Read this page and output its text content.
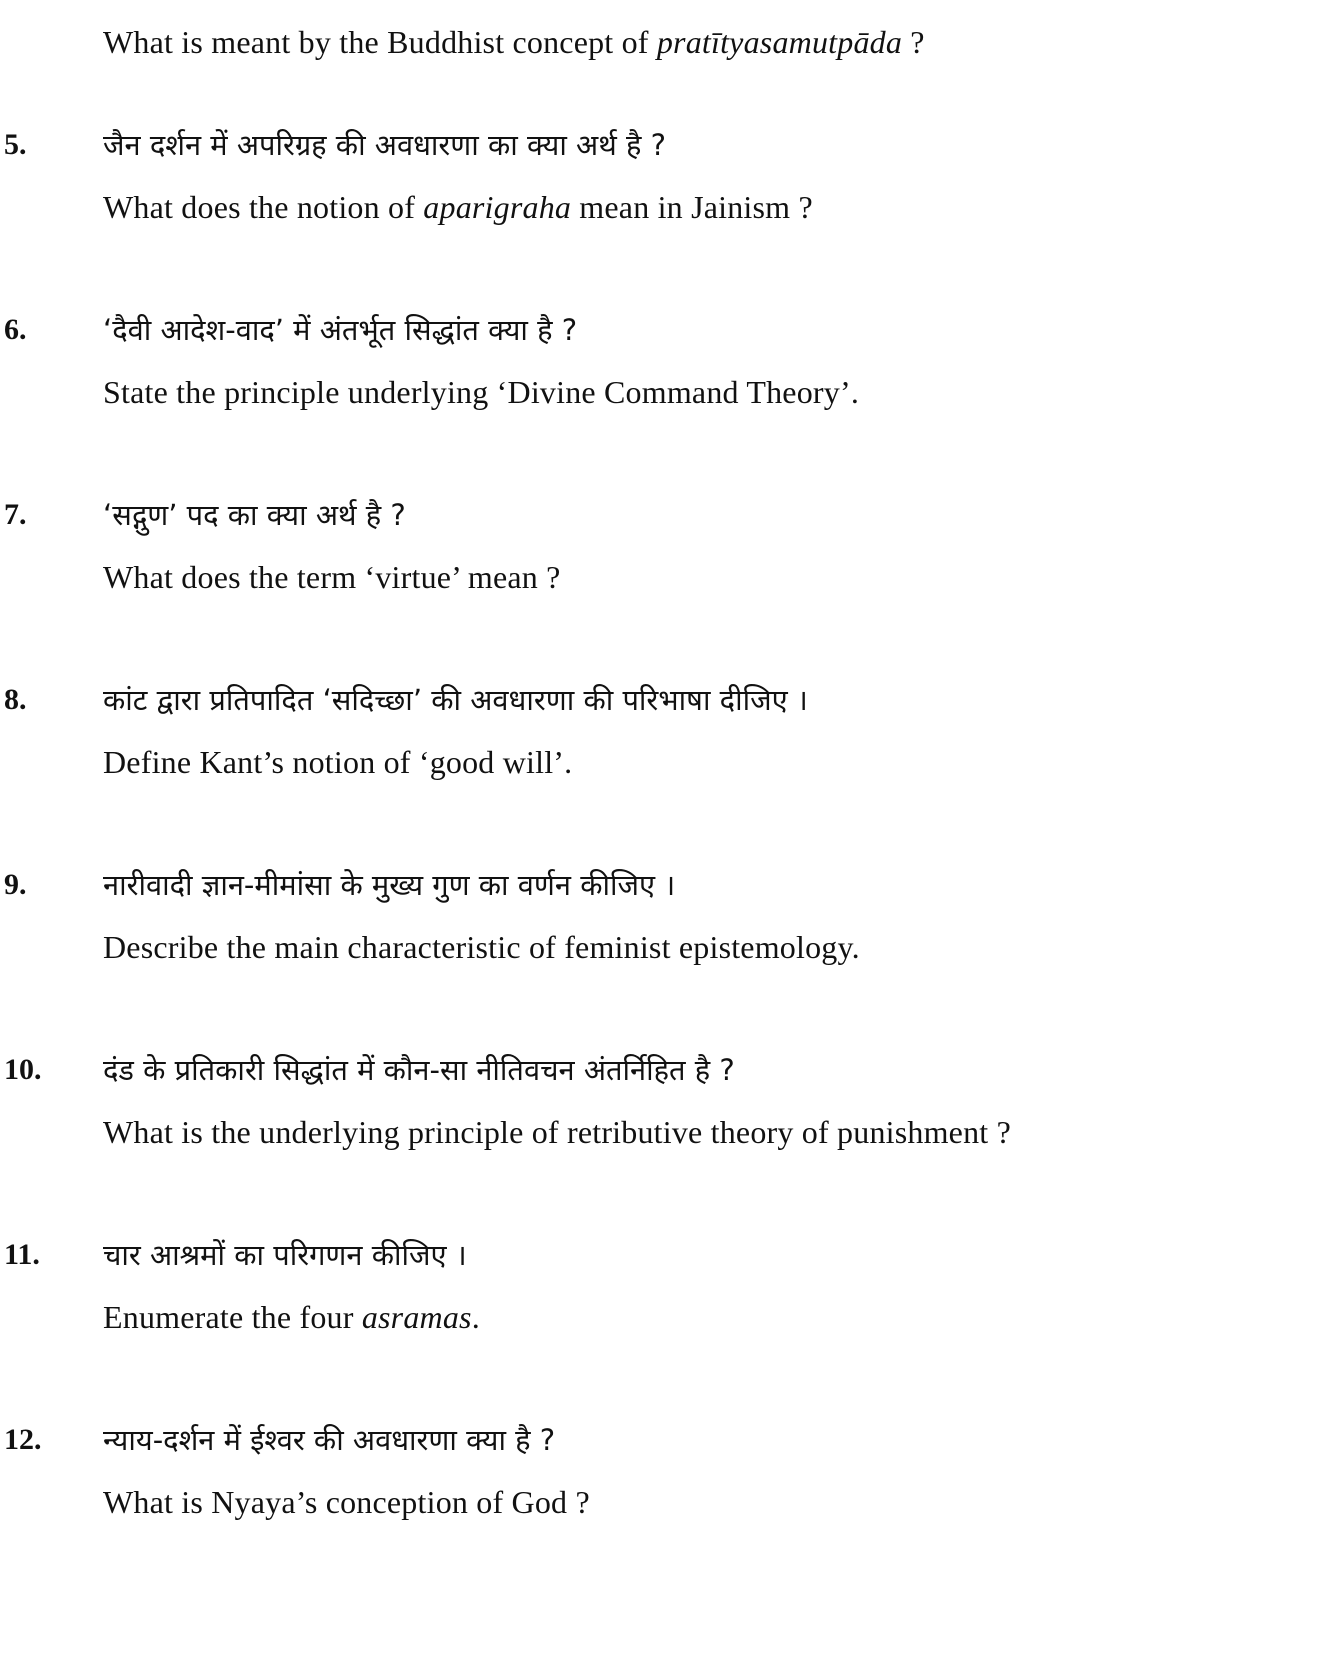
What is meant by the Buddhist concept of pratītyasamutpāda ?
5.	जैन दर्शन में अपरिग्रह की अवधारणा का क्या अर्थ है ?
What does the notion of aparigraha mean in Jainism ?
6.	‘दैवी आदेश-वाद’ में अंतर्भूत सिद्धांत क्या है ?
State the principle underlying ‘Divine Command Theory’.
7.	‘सद्गुण’ पद का क्या अर्थ है ?
What does the term ‘virtue’ mean ?
8.	कांट द्वारा प्रतिपादित ‘सदिच्छा’ की अवधारणा की परिभाषा दीजिए ।
Define Kant’s notion of ‘good will’.
9.	नारीवादी ज्ञान-मीमांसा के मुख्य गुण का वर्णन कीजिए ।
Describe the main characteristic of feminist epistemology.
10. दंड के प्रतिकारी सिद्धांत में कौन-सा नीतिवचन अंतर्निहित है ?
What is the underlying principle of retributive theory of punishment ?
11. चार आश्रमों का परिगणन कीजिए ।
Enumerate the four asramas.
12. न्याय-दर्शन में ईश्वर की अवधारणा क्या है ?
What is Nyaya’s conception of God ?
